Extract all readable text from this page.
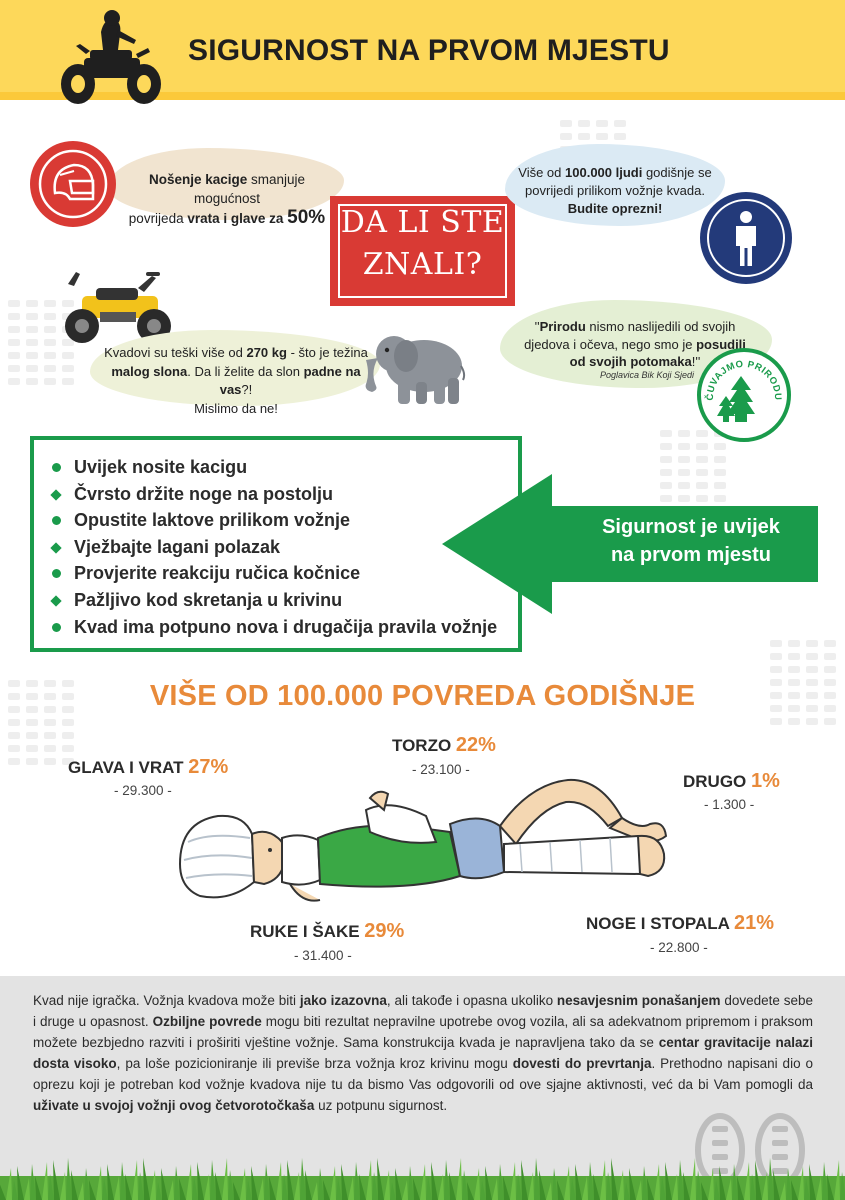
SIGURNOST NA PRVOM MJESTU
Nošenje kacige smanjuje mogućnost
povrijeda vrata i glave za 50% DA LI STE
ZNALI?
Više od 100.000 ljudi godišnje se
povrijedi prilikom vožnje kvada.
Budite oprezni!
Kvadovi su teški više od 270 kg - što je težina
malog slona. Da li želite da slon padne na vas?!
Mislimo da ne!
''Prirodu nismo naslijedili od svojih
djedova i očeva, nego smo je posudili
od svojih potomaka!''
Poglavica Bik Koji Sjedi
ČUVAJMO PRIRODU
Uvijek nosite kacigu
Čvrsto držite noge na postolju
Opustite laktove prilikom vožnje
Vježbajte lagani polazak
Provjerite reakciju ručica kočnice
Pažljivo kod skretanja u krivinu
Kvad ima potpuno nova i drugačija pravila vožnje
Sigurnost je uvijek
na prvom mjestu
VIŠE OD 100.000 POVREDA GODIŠNJE
GLAVA I VRAT 27%
- 29.300 -
TORZO 22%
- 23.100 -
DRUGO 1%
- 1.300 -
RUKE I ŠAKE 29%
- 31.400 -
NOGE I STOPALA 21%
- 22.800 -
Kvad nije igračka. Vožnja kvadova može biti jako izazovna, ali takođe i opasna ukoliko nesavjesnim ponašanjem dovedete sebe i druge u opasnost. Ozbiljne povrede mogu biti rezultat nepravilne upotrebe ovog vozila, ali sa adekvatnom pripremom i praksom možete bezbjedno razviti i proširiti vještine vožnje. Sama konstrukcija kvada je napravljena tako da se centar gravitacije nalazi dosta visoko, pa loše pozicioniranje ili previše brza vožnja kroz krivinu mogu dovesti do prevrtanja. Prethodno napisani dio o oprezu koji je potreban kod vožnje kvadova nije tu da bismo Vas odgovorili od ove sjajne aktivnosti, već da bi Vam pomogli da uživate u svojoj vožnji ovog četvorotočkaša uz potpunu sigurnost.
